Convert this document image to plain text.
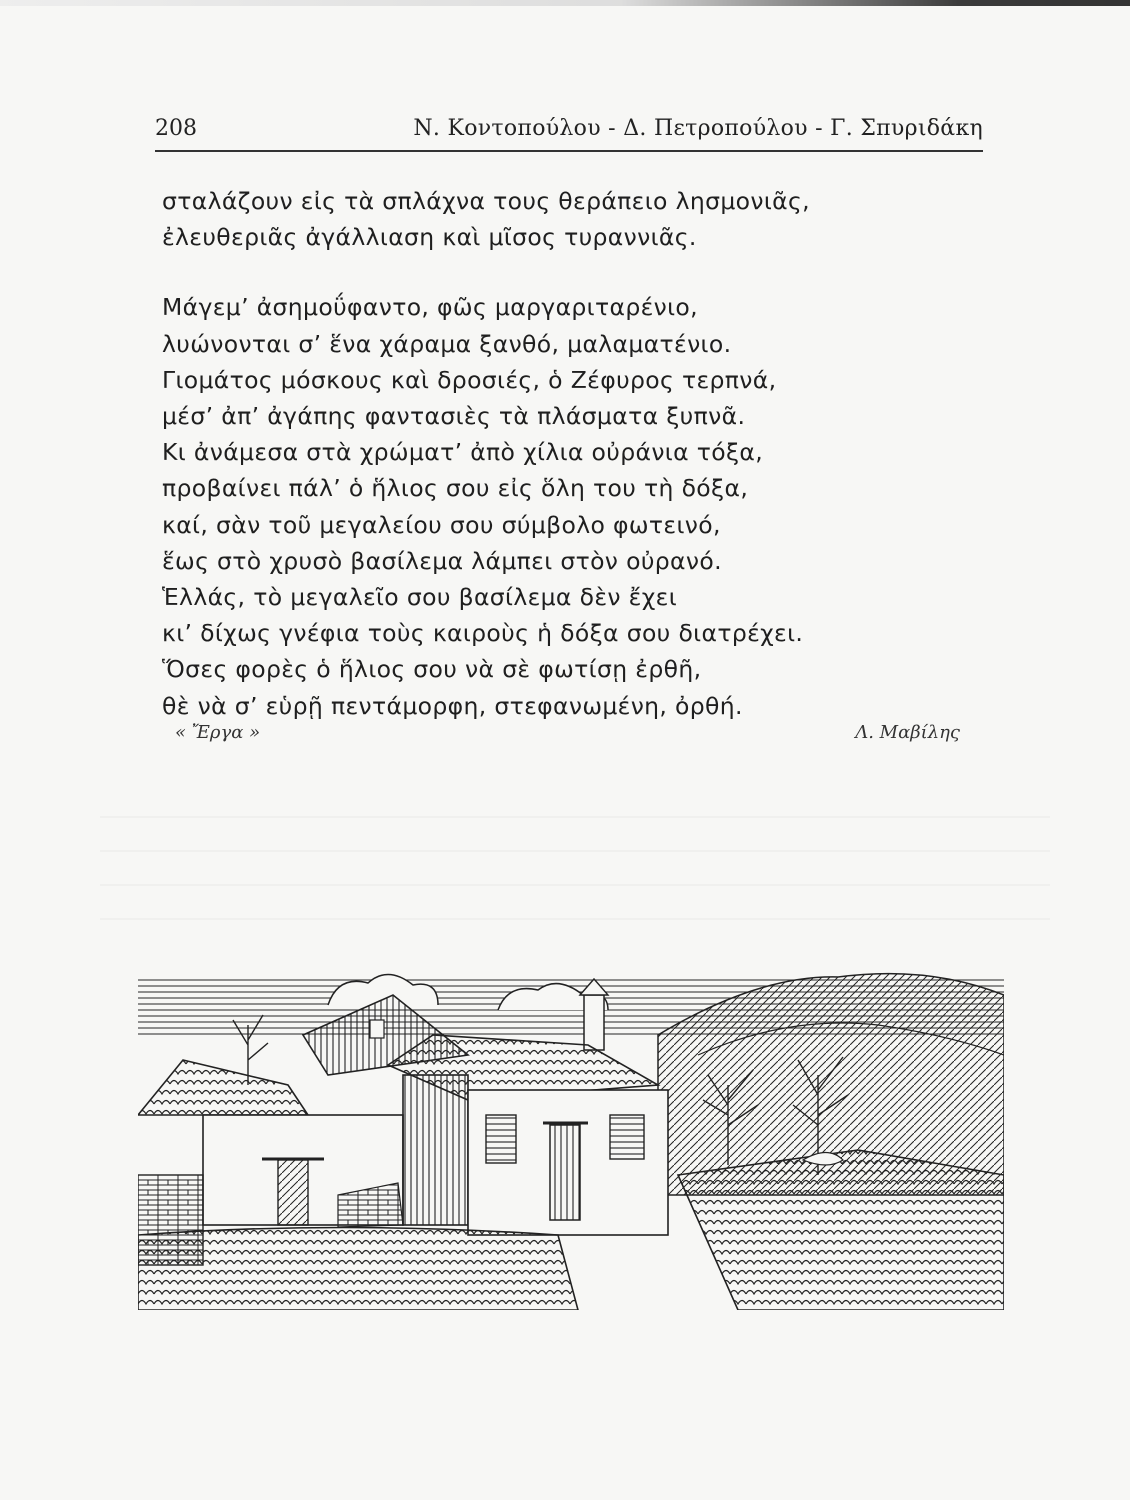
208	Ν. Κοντοπούλου - Δ. Πετροπούλου - Γ. Σπυριδάκη
σταλάζουν εἰς τὰ σπλάχνα τους θεράπειο λησμονιᾶς,
ἐλευθεριᾶς ἀγάλλιαση καὶ μῖσος τυραννιᾶς.
Μάγεμ’ ἀσημοΰφαντο, φῶς μαργαριταρένιο,
λυώνονται σ’ ἕνα χάραμα ξανθό, μαλαματένιο.
Γιομάτος μόσκους καὶ δροσιές, ὁ Ζέφυρος τερπνά,
μέσ’ ἀπ’ ἀγάπης φαντασιὲς τὰ πλάσματα ξυπνᾶ.
Κι ἀνάμεσα στὰ χρώματ’ ἀπὸ χίλια οὐράνια τόξα,
προβαίνει πάλ’ ὁ ἥλιος σου εἰς ὅλη του τὴ δόξα,
καί, σὰν τοῦ μεγαλείου σου σύμβολο φωτεινό,
ἕως στὸ χρυσὸ βασίλεμα λάμπει στὸν οὐρανό.
Ἑλλάς, τὸ μεγαλεῖο σου βασίλεμα δὲν ἔχει
κι’ δίχως γνέφια τοὺς καιροὺς ἡ δόξα σου διατρέχει.
Ὅσες φορὲς ὁ ἥλιος σου νὰ σὲ φωτίσῃ ἐρθῆ,
θὲ νὰ σ’ εὑρῇ πεντάμορφη, στεφανωμένη, ὀρθή.
« Ἔργα »	Λ. Μαβίλης
